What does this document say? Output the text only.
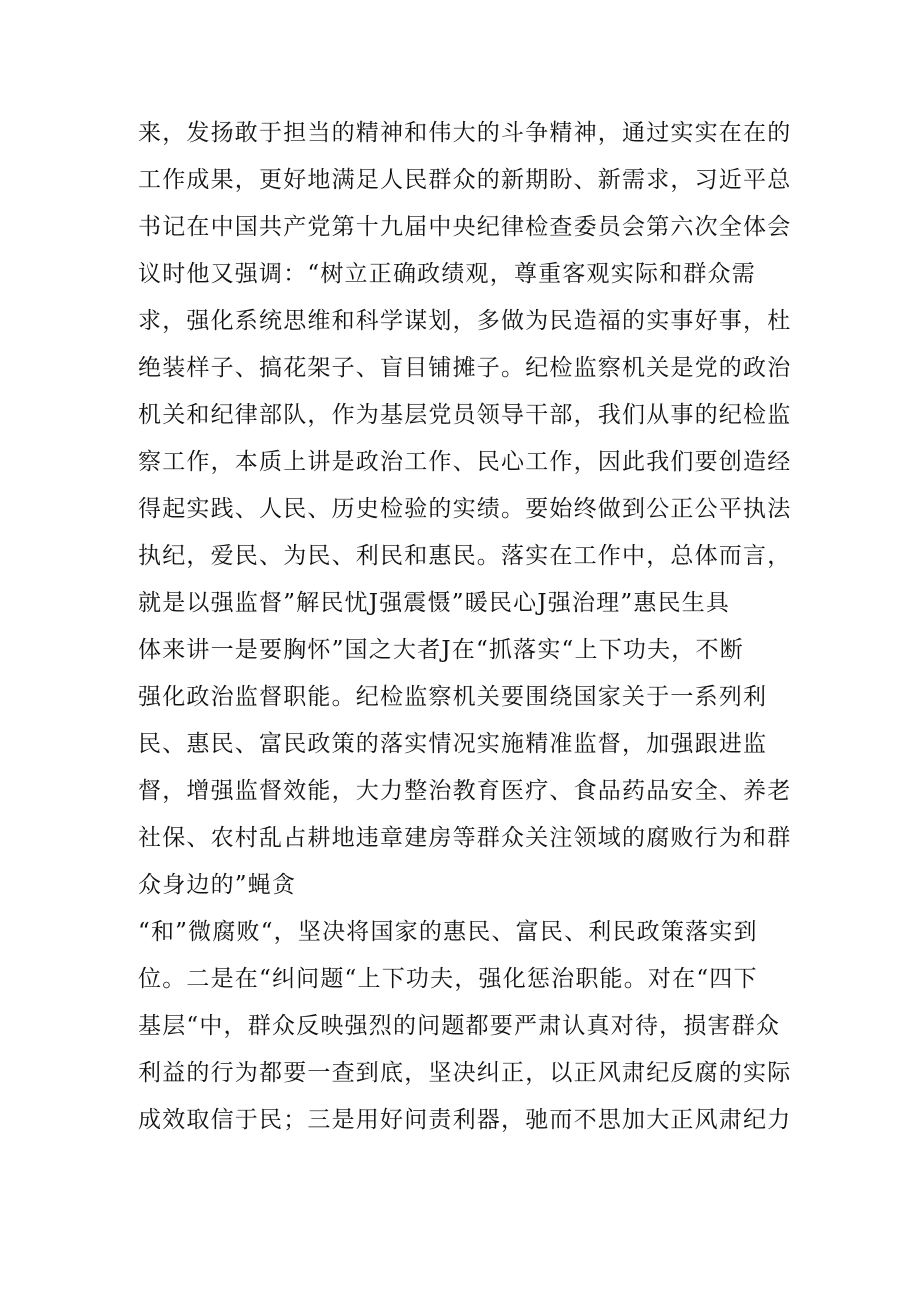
来，发扬敢于担当的精神和伟大的斗争精神，通过实实在在的
工作成果，更好地满足人民群众的新期盼、新需求，习近平总
书记在中国共产党第十九届中央纪律检查委员会第六次全体会
议时他又强调：“树立正确政绩观，尊重客观实际和群众需
求，强化系统思维和科学谋划，多做为民造福的实事好事，杜
绝装样子、搞花架子、盲目铺摊子。纪检监察机关是党的政治
机关和纪律部队，作为基层党员领导干部，我们从事的纪检监
察工作，本质上讲是政治工作、民心工作，因此我们要创造经
得起实践、人民、历史检验的实绩。要始终做到公正公平执法
执纪，爱民、为民、利民和惠民。落实在工作中，总体而言，
就是以强监督”解民忧J强震慑”暖民心J强治理”惠民生具
体来讲一是要胸怀”国之大者J在“抓落实“上下功夫，不断
强化政治监督职能。纪检监察机关要围绕国家关于一系列利
民、惠民、富民政策的落实情况实施精准监督，加强跟进监
督，增强监督效能，大力整治教育医疗、食品药品安全、养老
社保、农村乱占耕地违章建房等群众关注领域的腐败行为和群
众身边的”蝇贪
“和”微腐败“，坚决将国家的惠民、富民、利民政策落实到
位。二是在“纠问题“上下功夫，强化惩治职能。对在“四下
基层“中，群众反映强烈的问题都要严肃认真对待，损害群众
利益的行为都要一查到底，坚决纠正，以正风肃纪反腐的实际
成效取信于民；三是用好问责利器，驰而不思加大正风肃纪力
